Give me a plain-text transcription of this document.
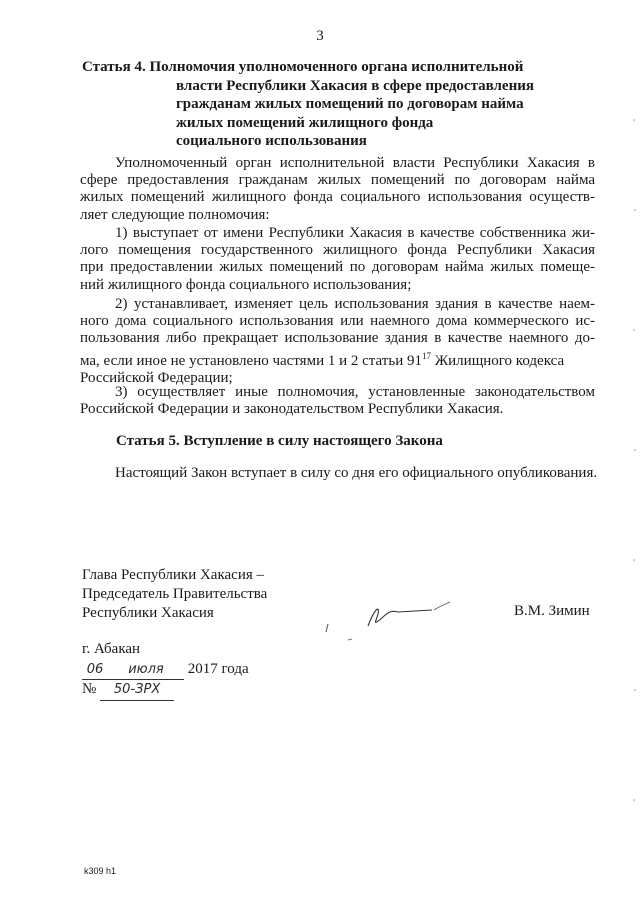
3
Статья 4. Полномочия уполномоченного органа исполнительной
власти Республики Хакасия в сфере предоставления
гражданам жилых помещений по договорам найма
жилых помещений жилищного фонда
социального использования
Уполномоченный орган исполнительной власти Республики Хакасия в
сфере предоставления гражданам жилых помещений по договорам найма
жилых помещений жилищного фонда социального использования осуществ-
ляет следующие полномочия:
1) выступает от имени Республики Хакасия в качестве собственника жи-
лого помещения государственного жилищного фонда Республики Хакасия
при предоставлении жилых помещений по договорам найма жилых помеще-
ний жилищного фонда социального использования;
2) устанавливает, изменяет цель использования здания в качестве наем-
ного дома социального использования или наемного дома коммерческого ис-
пользования либо прекращает использование здания в качестве наемного до-
ма, если иное не установлено частями 1 и 2 статьи $91^{17}$ Жилищного кодекса
Российской Федерации;
3) осуществляет иные полномочия, установленные законодательством
Российской Федерации и законодательством Республики Хакасия.
Статья 5. Вступление в силу настоящего Закона
Настоящий Закон вступает в силу со дня его официального опубликования.
Глава Республики Хакасия –
Председатель Правительства
Республики Хакасия	В.М. Зимин
г. Абакан
06 июля 2017 года
№ 50-ЗРХ
k309 h1
